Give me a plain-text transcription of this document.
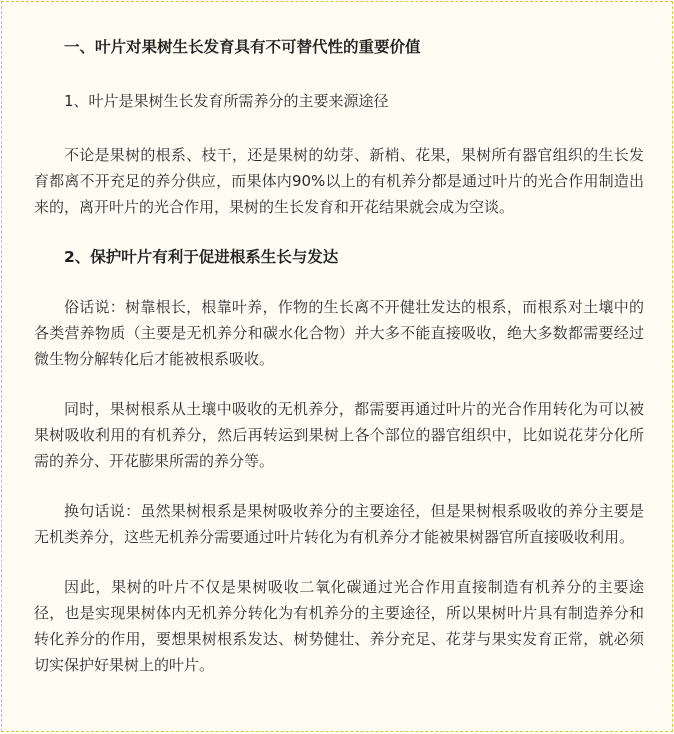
一、叶片对果树生长发育具有不可替代性的重要价值

1、叶片是果树生长发育所需养分的主要来源途径

不论是果树的根系、枝干，还是果树的幼芽、新梢、花果，果树所有器官组织的生长发育都离不开充足的养分供应，而果体内90%以上的有机养分都是通过叶片的光合作用制造出来的，离开叶片的光合作用，果树的生长发育和开花结果就会成为空谈。

2、保护叶片有利于促进根系生长与发达

俗话说：树靠根长，根靠叶养，作物的生长离不开健壮发达的根系，而根系对土壤中的各类营养物质（主要是无机养分和碳水化合物）并大多不能直接吸收，绝大多数都需要经过微生物分解转化后才能被根系吸收。

同时，果树根系从土壤中吸收的无机养分，都需要再通过叶片的光合作用转化为可以被果树吸收利用的有机养分，然后再转运到果树上各个部位的器官组织中，比如说花芽分化所需的养分、开花膨果所需的养分等。

换句话说：虽然果树根系是果树吸收养分的主要途径，但是果树根系吸收的养分主要是无机类养分，这些无机养分需要通过叶片转化为有机养分才能被果树器官所直接吸收利用。

因此，果树的叶片不仅是果树吸收二氧化碳通过光合作用直接制造有机养分的主要途径，也是实现果树体内无机养分转化为有机养分的主要途径，所以果树叶片具有制造养分和转化养分的作用，要想果树根系发达、树势健壮、养分充足、花芽与果实发育正常，就必须切实保护好果树上的叶片。
